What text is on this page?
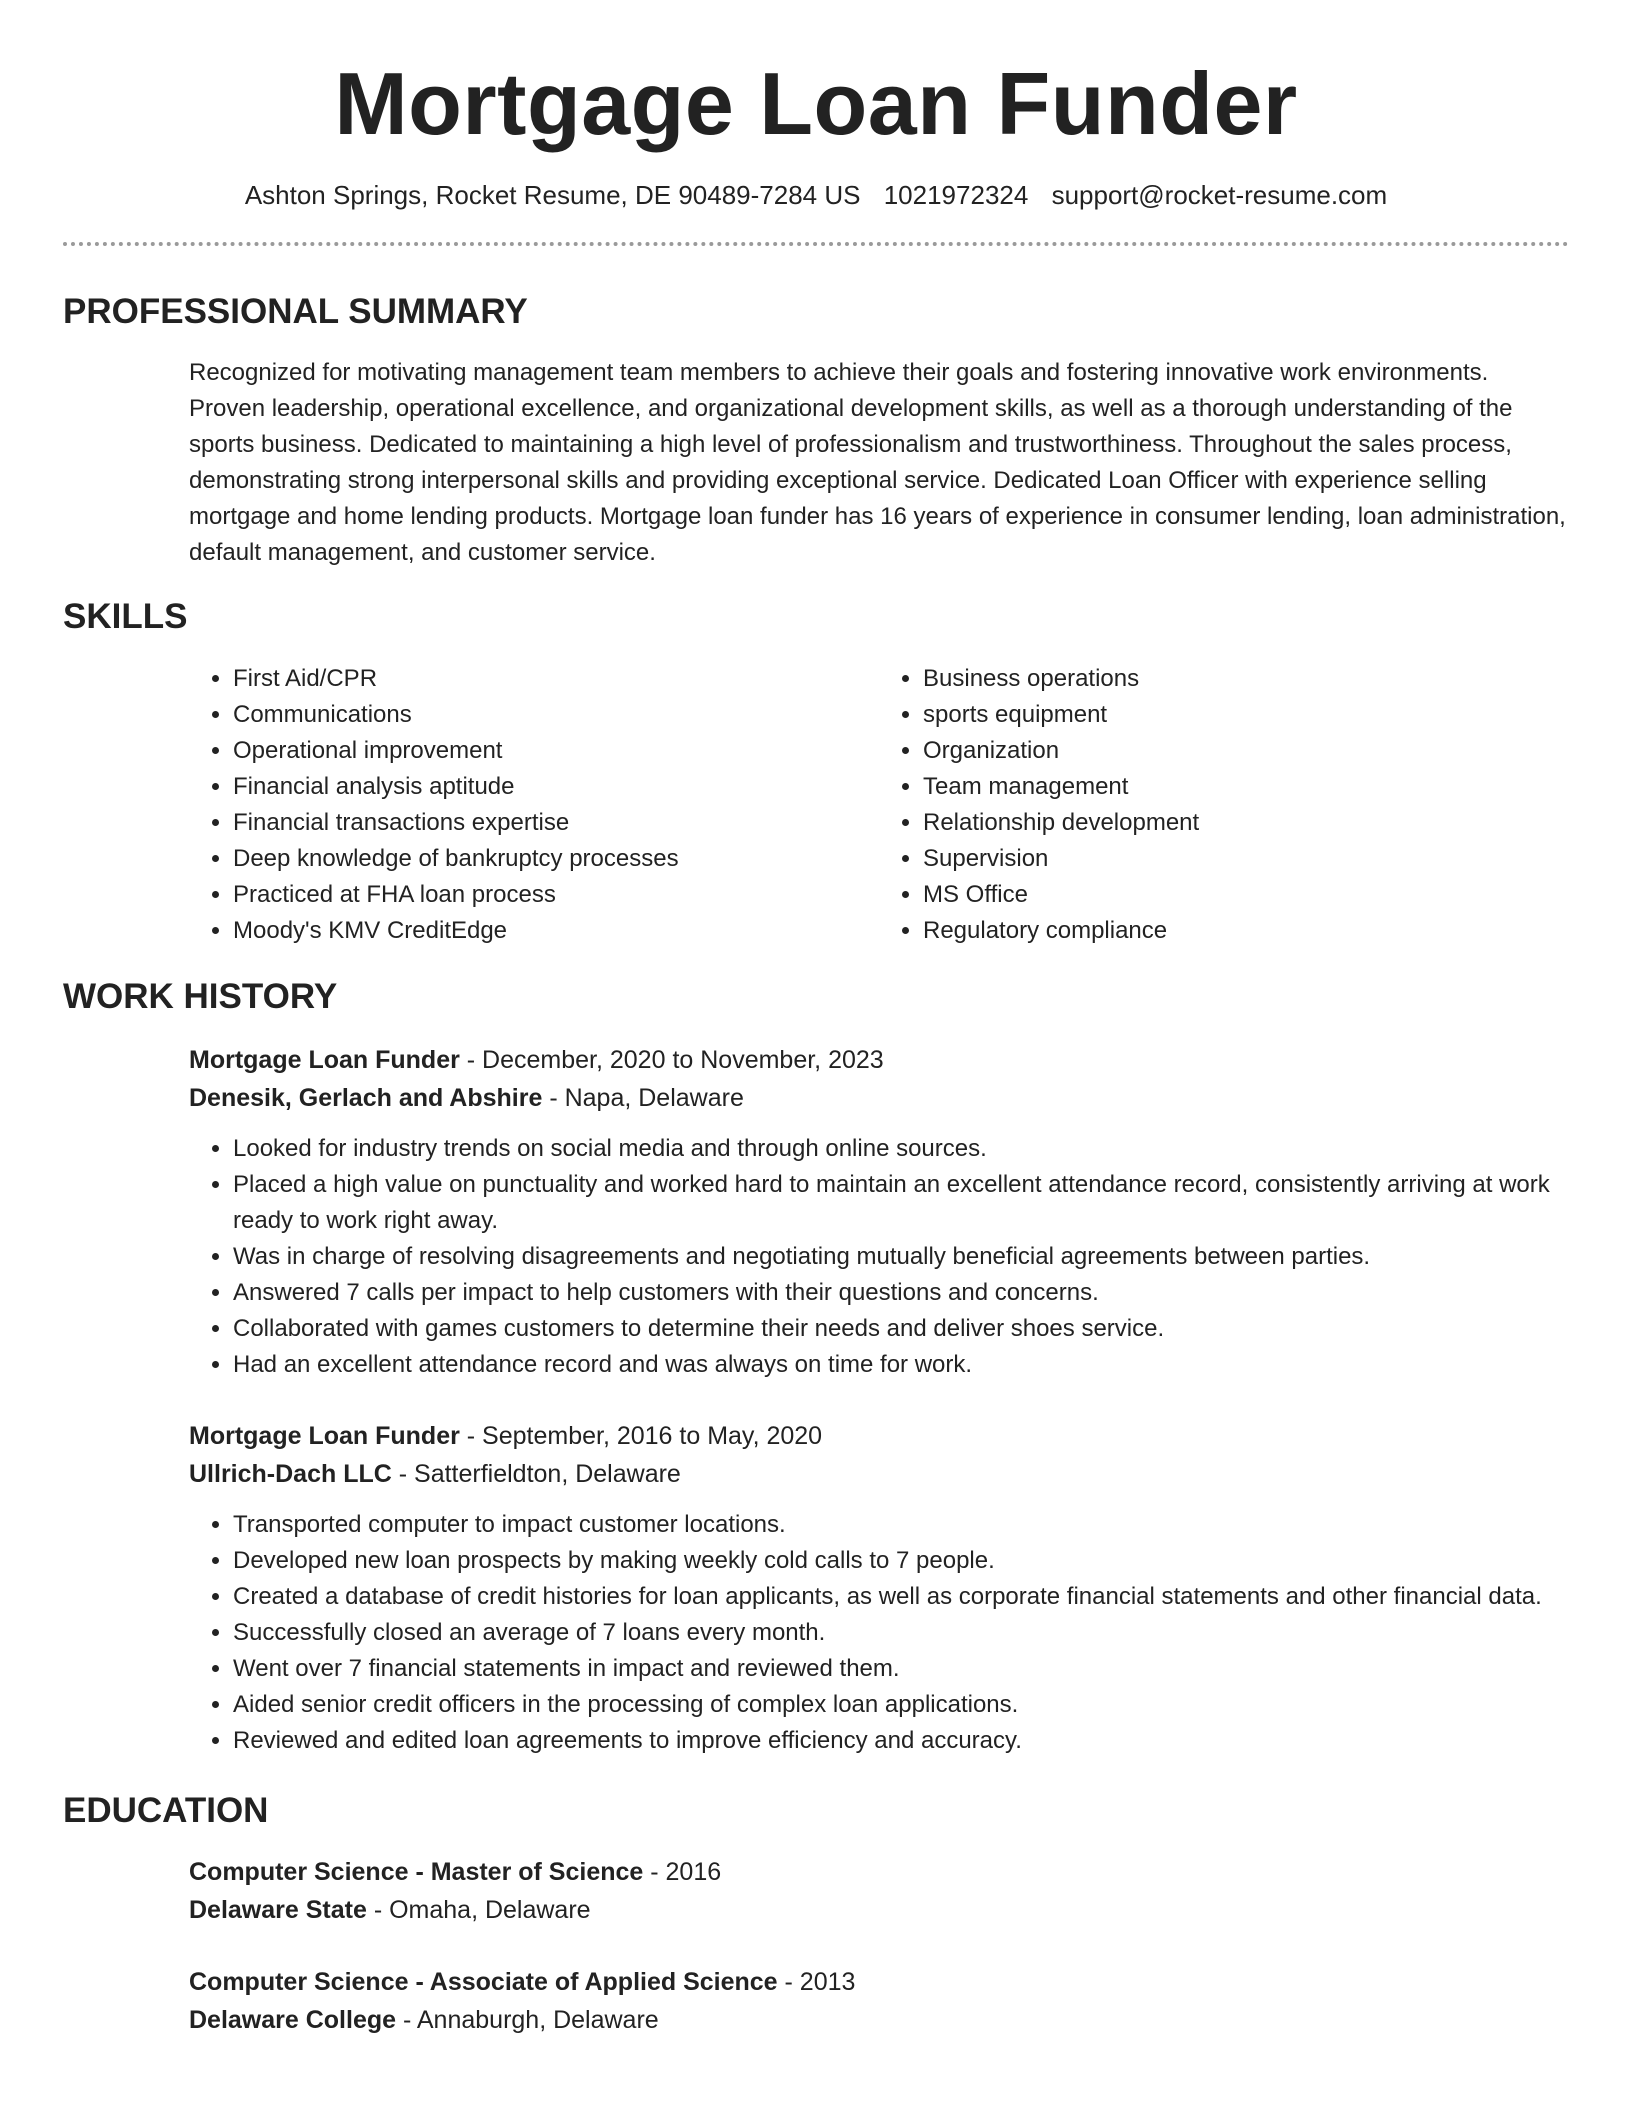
Mortgage Loan Funder
Ashton Springs, Rocket Resume, DE 90489-7284 US 1021972324 support@rocket-resume.com
PROFESSIONAL SUMMARY
Recognized for motivating management team members to achieve their goals and fostering innovative work environments. Proven leadership, operational excellence, and organizational development skills, as well as a thorough understanding of the sports business. Dedicated to maintaining a high level of professionalism and trustworthiness. Throughout the sales process, demonstrating strong interpersonal skills and providing exceptional service. Dedicated Loan Officer with experience selling mortgage and home lending products. Mortgage loan funder has 16 years of experience in consumer lending, loan administration, default management, and customer service.
SKILLS
• First Aid/CPR
• Communications
• Operational improvement
• Financial analysis aptitude
• Financial transactions expertise
• Deep knowledge of bankruptcy processes
• Practiced at FHA loan process
• Moody's KMV CreditEdge
• Business operations
• sports equipment
• Organization
• Team management
• Relationship development
• Supervision
• MS Office
• Regulatory compliance
WORK HISTORY
Mortgage Loan Funder - December, 2020 to November, 2023
Denesik, Gerlach and Abshire - Napa, Delaware
• Looked for industry trends on social media and through online sources.
• Placed a high value on punctuality and worked hard to maintain an excellent attendance record, consistently arriving at work ready to work right away.
• Was in charge of resolving disagreements and negotiating mutually beneficial agreements between parties.
• Answered 7 calls per impact to help customers with their questions and concerns.
• Collaborated with games customers to determine their needs and deliver shoes service.
• Had an excellent attendance record and was always on time for work.
Mortgage Loan Funder - September, 2016 to May, 2020
Ullrich-Dach LLC - Satterfieldton, Delaware
• Transported computer to impact customer locations.
• Developed new loan prospects by making weekly cold calls to 7 people.
• Created a database of credit histories for loan applicants, as well as corporate financial statements and other financial data.
• Successfully closed an average of 7 loans every month.
• Went over 7 financial statements in impact and reviewed them.
• Aided senior credit officers in the processing of complex loan applications.
• Reviewed and edited loan agreements to improve efficiency and accuracy.
EDUCATION
Computer Science - Master of Science - 2016
Delaware State - Omaha, Delaware
Computer Science - Associate of Applied Science - 2013
Delaware College - Annaburgh, Delaware
